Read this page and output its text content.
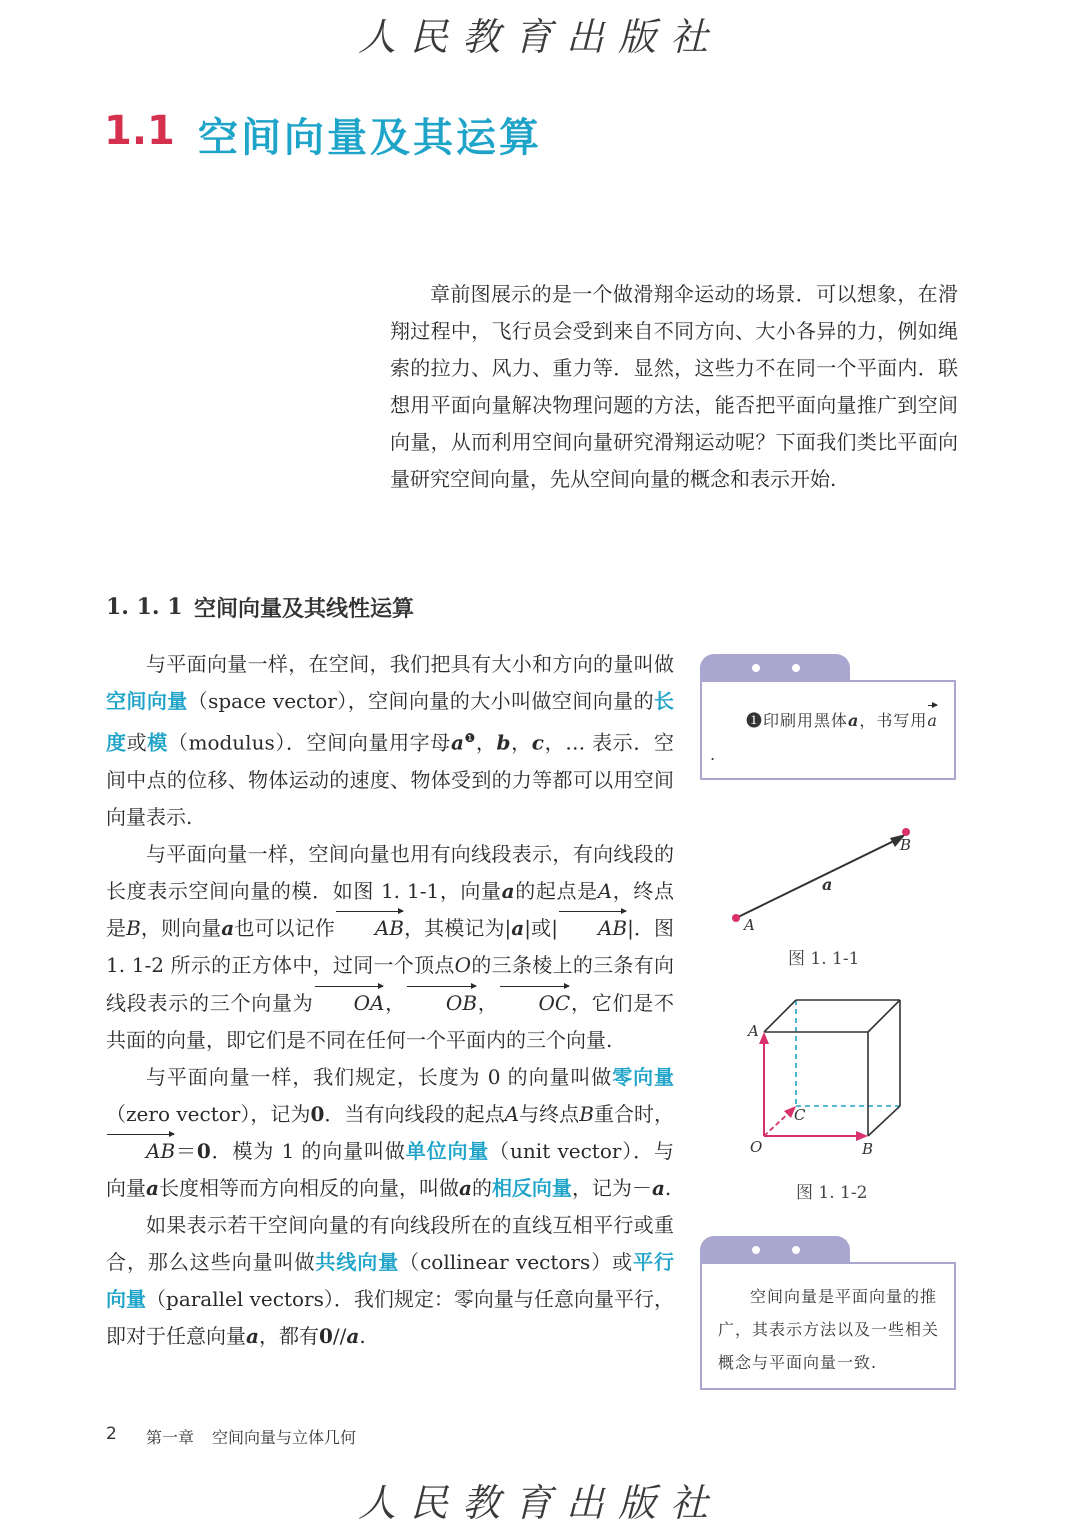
人民教育出版社
1.1 空间向量及其运算

章前图展示的是一个做滑翔伞运动的场景．可以想象，在滑翔过程中，飞行员会受到来自不同方向、大小各异的力，例如绳索的拉力、风力、重力等．显然，这些力不在同一个平面内．联想用平面向量解决物理问题的方法，能否把平面向量推广到空间向量，从而利用空间向量研究滑翔运动呢？下面我们类比平面向量研究空间向量，先从空间向量的概念和表示开始.

1. 1. 1 空间向量及其线性运算

与平面向量一样，在空间，我们把具有大小和方向的量叫做空间向量（space vector），空间向量的大小叫做空间向量的长度或模（modulus）．空间向量用字母$a^❶$，b，c，… 表示．空间中点的位移、物体运动的速度、物体受到的力等都可以用空间向量表示.

与平面向量一样，空间向量也用有向线段表示，有向线段的长度表示空间向量的模．如图 1. 1-1，向量a的起点是A，终点是B，则向量a也可以记作 AB，其模记为|a|或| AB|．图 1. 1-2 所示的正方体中，过同一个顶点O的三条棱上的三条有向线段表示的三个向量为 OA， OB， OC，它们是不共面的向量，即它们是不同在任何一个平面内的三个向量.

与平面向量一样，我们规定，长度为 0 的向量叫做零向量（zero vector），记为0．当有向线段的起点A与终点B重合时，AB＝0．模为 1 的向量叫做单位向量（unit vector）．与向量a长度相等而方向相反的向量，叫做a的相反向量，记为－a.

如果表示若干空间向量的有向线段所在的直线互相平行或重合，那么这些向量叫做共线向量（collinear vectors）或平行向量（parallel vectors）．我们规定：零向量与任意向量平行，即对于任意向量a，都有0//a.

❶印刷用黑体a，书写用a.
a
A
B
图 1. 1-1
A
O	B
C
图 1. 1-2
空间向量是平面向量的推广，其表示方法以及一些相关概念与平面向量一致.
2 第一章 空间向量与立体几何
人民教育出版社
